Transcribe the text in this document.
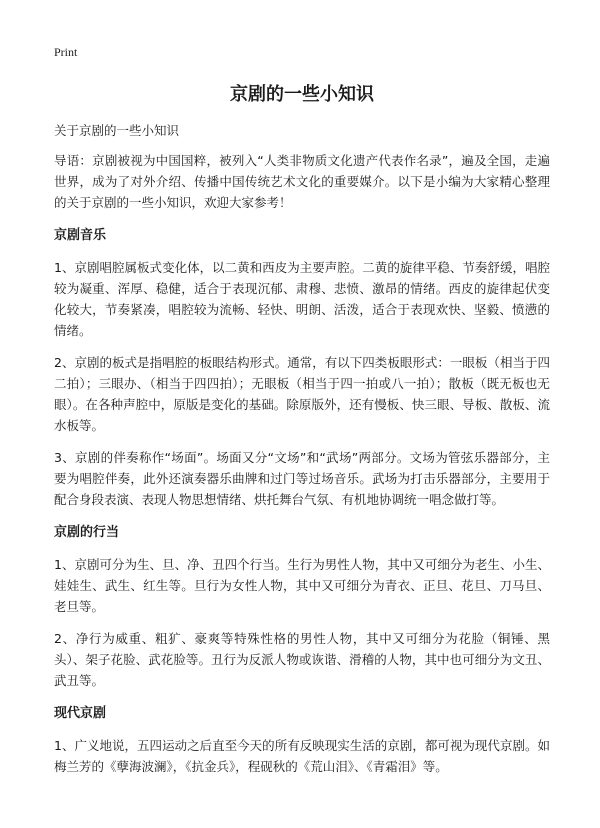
Print
京剧的一些小知识

关于京剧的一些小知识

导语：京剧被视为中国国粹，被列入“人类非物质文化遗产代表作名录”，遍及全国，走遍世界，成为了对外介绍、传播中国传统艺术文化的重要媒介。以下是小编为大家精心整理的关于京剧的一些小知识，欢迎大家参考！

京剧音乐

1、京剧唱腔属板式变化体，以二黄和西皮为主要声腔。二黄的旋律平稳、节奏舒缓，唱腔较为凝重、浑厚、稳健，适合于表现沉郁、肃穆、悲愤、激昂的情绪。西皮的旋律起伏变化较大，节奏紧凑，唱腔较为流畅、轻快、明朗、活泼，适合于表现欢快、坚毅、愤懑的情绪。

2、京剧的板式是指唱腔的板眼结构形式。通常，有以下四类板眼形式：一眼板（相当于四二拍）；三眼办、（相当于四四拍）；无眼板（相当于四一拍或八一拍）；散板（既无板也无眼）。在各种声腔中，原版是变化的基础。除原版外，还有慢板、快三眼、导板、散板、流水板等。

3、京剧的伴奏称作“场面”。场面又分“文场”和“武场”两部分。文场为管弦乐器部分，主要为唱腔伴奏，此外还演奏器乐曲牌和过门等过场音乐。武场为打击乐器部分，主要用于配合身段表演、表现人物思想情绪、烘托舞台气氛、有机地协调统一唱念做打等。

京剧的行当

1、京剧可分为生、旦、净、丑四个行当。生行为男性人物，其中又可细分为老生、小生、娃娃生、武生、红生等。旦行为女性人物，其中又可细分为青衣、正旦、花旦、刀马旦、老旦等。

2、净行为威重、粗犷、豪爽等特殊性格的男性人物，其中又可细分为花脸（铜锤、黑头）、架子花脸、武花脸等。丑行为反派人物或诙谐、滑稽的人物，其中也可细分为文丑、武丑等。

现代京剧

1、广义地说，五四运动之后直至今天的所有反映现实生活的京剧，都可视为现代京剧。如梅兰芳的《孽海波澜》，《抗金兵》，程砚秋的《荒山泪》、《青霜泪》等。
